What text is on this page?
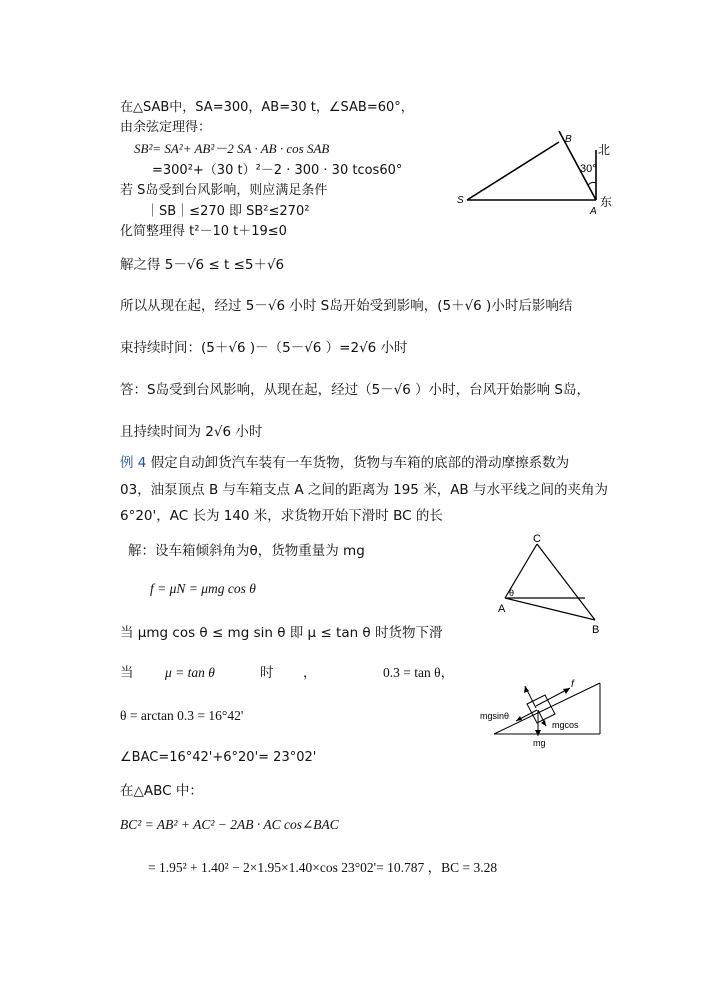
在△SAB中，SA=300，AB=30 t，∠SAB=60°，
由余弦定理得：
SB²= SA²+ AB²－2 SA · AB · cos SAB
=300²+（30 t）²－2 · 300 · 30 tcos60°
若 S岛受到台风影响，则应满足条件
｜SB｜≤270 即 SB²≤270²
化简整理得 t²－10 t＋19≤0
解之得 5－√6 ≤ t ≤5＋√6
所以从现在起，经过 5－√6 小时 S岛开始受到影响，(5＋√6 )小时后影响结
束持续时间：(5＋√6 )－（5－√6 ）=2√6 小时
答：S岛受到台风影响，从现在起，经过（5－√6 ）小时，台风开始影响 S岛，
且持续时间为 2√6 小时
例 4 假定自动卸货汽车装有一车货物，货物与车箱的底部的滑动摩擦系数为
03，油泵顶点 B 与车箱支点 A 之间的距离为 195 米，AB 与水平线之间的夹角为
6°20'，AC 长为 140 米，求货物开始下滑时 BC 的长
解：设车箱倾斜角为θ，货物重量为 mg
f = μN = μmg cos θ
当 μmg cos θ ≤ mg sin θ 即 μ ≤ tan θ 时货物下滑
当 μ = tan θ	时 ，	0.3 = tan θ，
θ = arctan 0.3 = 16°42'
∠BAC=16°42'+6°20'= 23°02'
在△ABC 中：
BC² = AB² + AC² − 2AB · AC cos∠BAC
= 1.95² + 1.40² − 2×1.95×1.40×cos 23°02'= 10.787 ，BC = 3.28
B
北
30°
S
A
东
C
θ
A
B
f
mgsinθ
mgcos
mg
